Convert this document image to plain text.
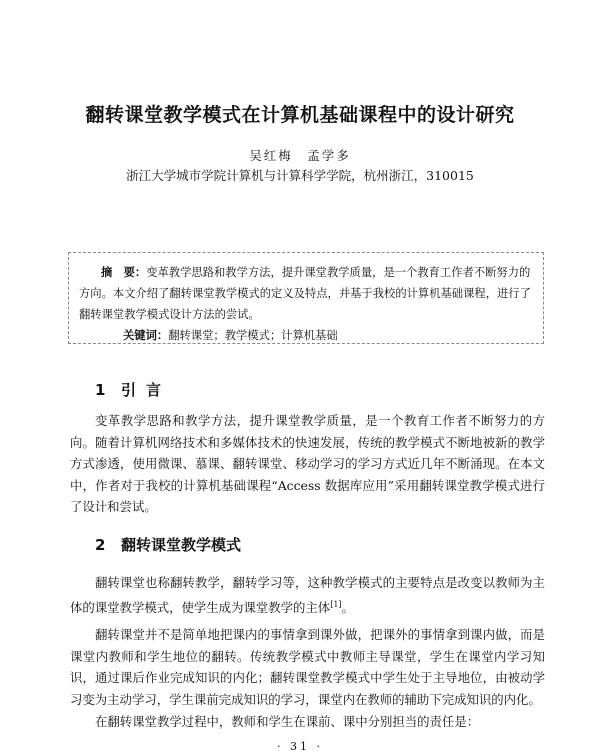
翻转课堂教学模式在计算机基础课程中的设计研究
吴红梅　孟学多
浙江大学城市学院计算机与计算科学学院，杭州浙江，310015

摘　要：变革教学思路和教学方法，提升课堂教学质量，是一个教育工作者不断努力的方向。本文介绍了翻转课堂教学模式的定义及特点，并基于我校的计算机基础课程，进行了翻转课堂教学模式设计方法的尝试。

关键词：翻转课堂；教学模式；计算机基础

1 引言

变革教学思路和教学方法，提升课堂教学质量，是一个教育工作者不断努力的方向。随着计算机网络技术和多媒体技术的快速发展，传统的教学模式不断地被新的教学方式渗透，使用微课、慕课、翻转课堂、移动学习的学习方式近几年不断涌现。在本文中，作者对于我校的计算机基础课程“Access 数据库应用”采用翻转课堂教学模式进行了设计和尝试。

2 翻转课堂教学模式

翻转课堂也称翻转教学，翻转学习等，这种教学模式的主要特点是改变以教师为主体的课堂教学模式，使学生成为课堂教学的主体[1]。

翻转课堂并不是简单地把课内的事情拿到课外做，把课外的事情拿到课内做，而是课堂内教师和学生地位的翻转。传统教学模式中教师主导课堂，学生在课堂内学习知识，通过课后作业完成知识的内化；翻转课堂教学模式中学生处于主导地位，由被动学习变为主动学习，学生课前完成知识的学习，课堂内在教师的辅助下完成知识的内化。

在翻转课堂教学过程中，教师和学生在课前、课中分别担当的责任是：

· 31 ·
